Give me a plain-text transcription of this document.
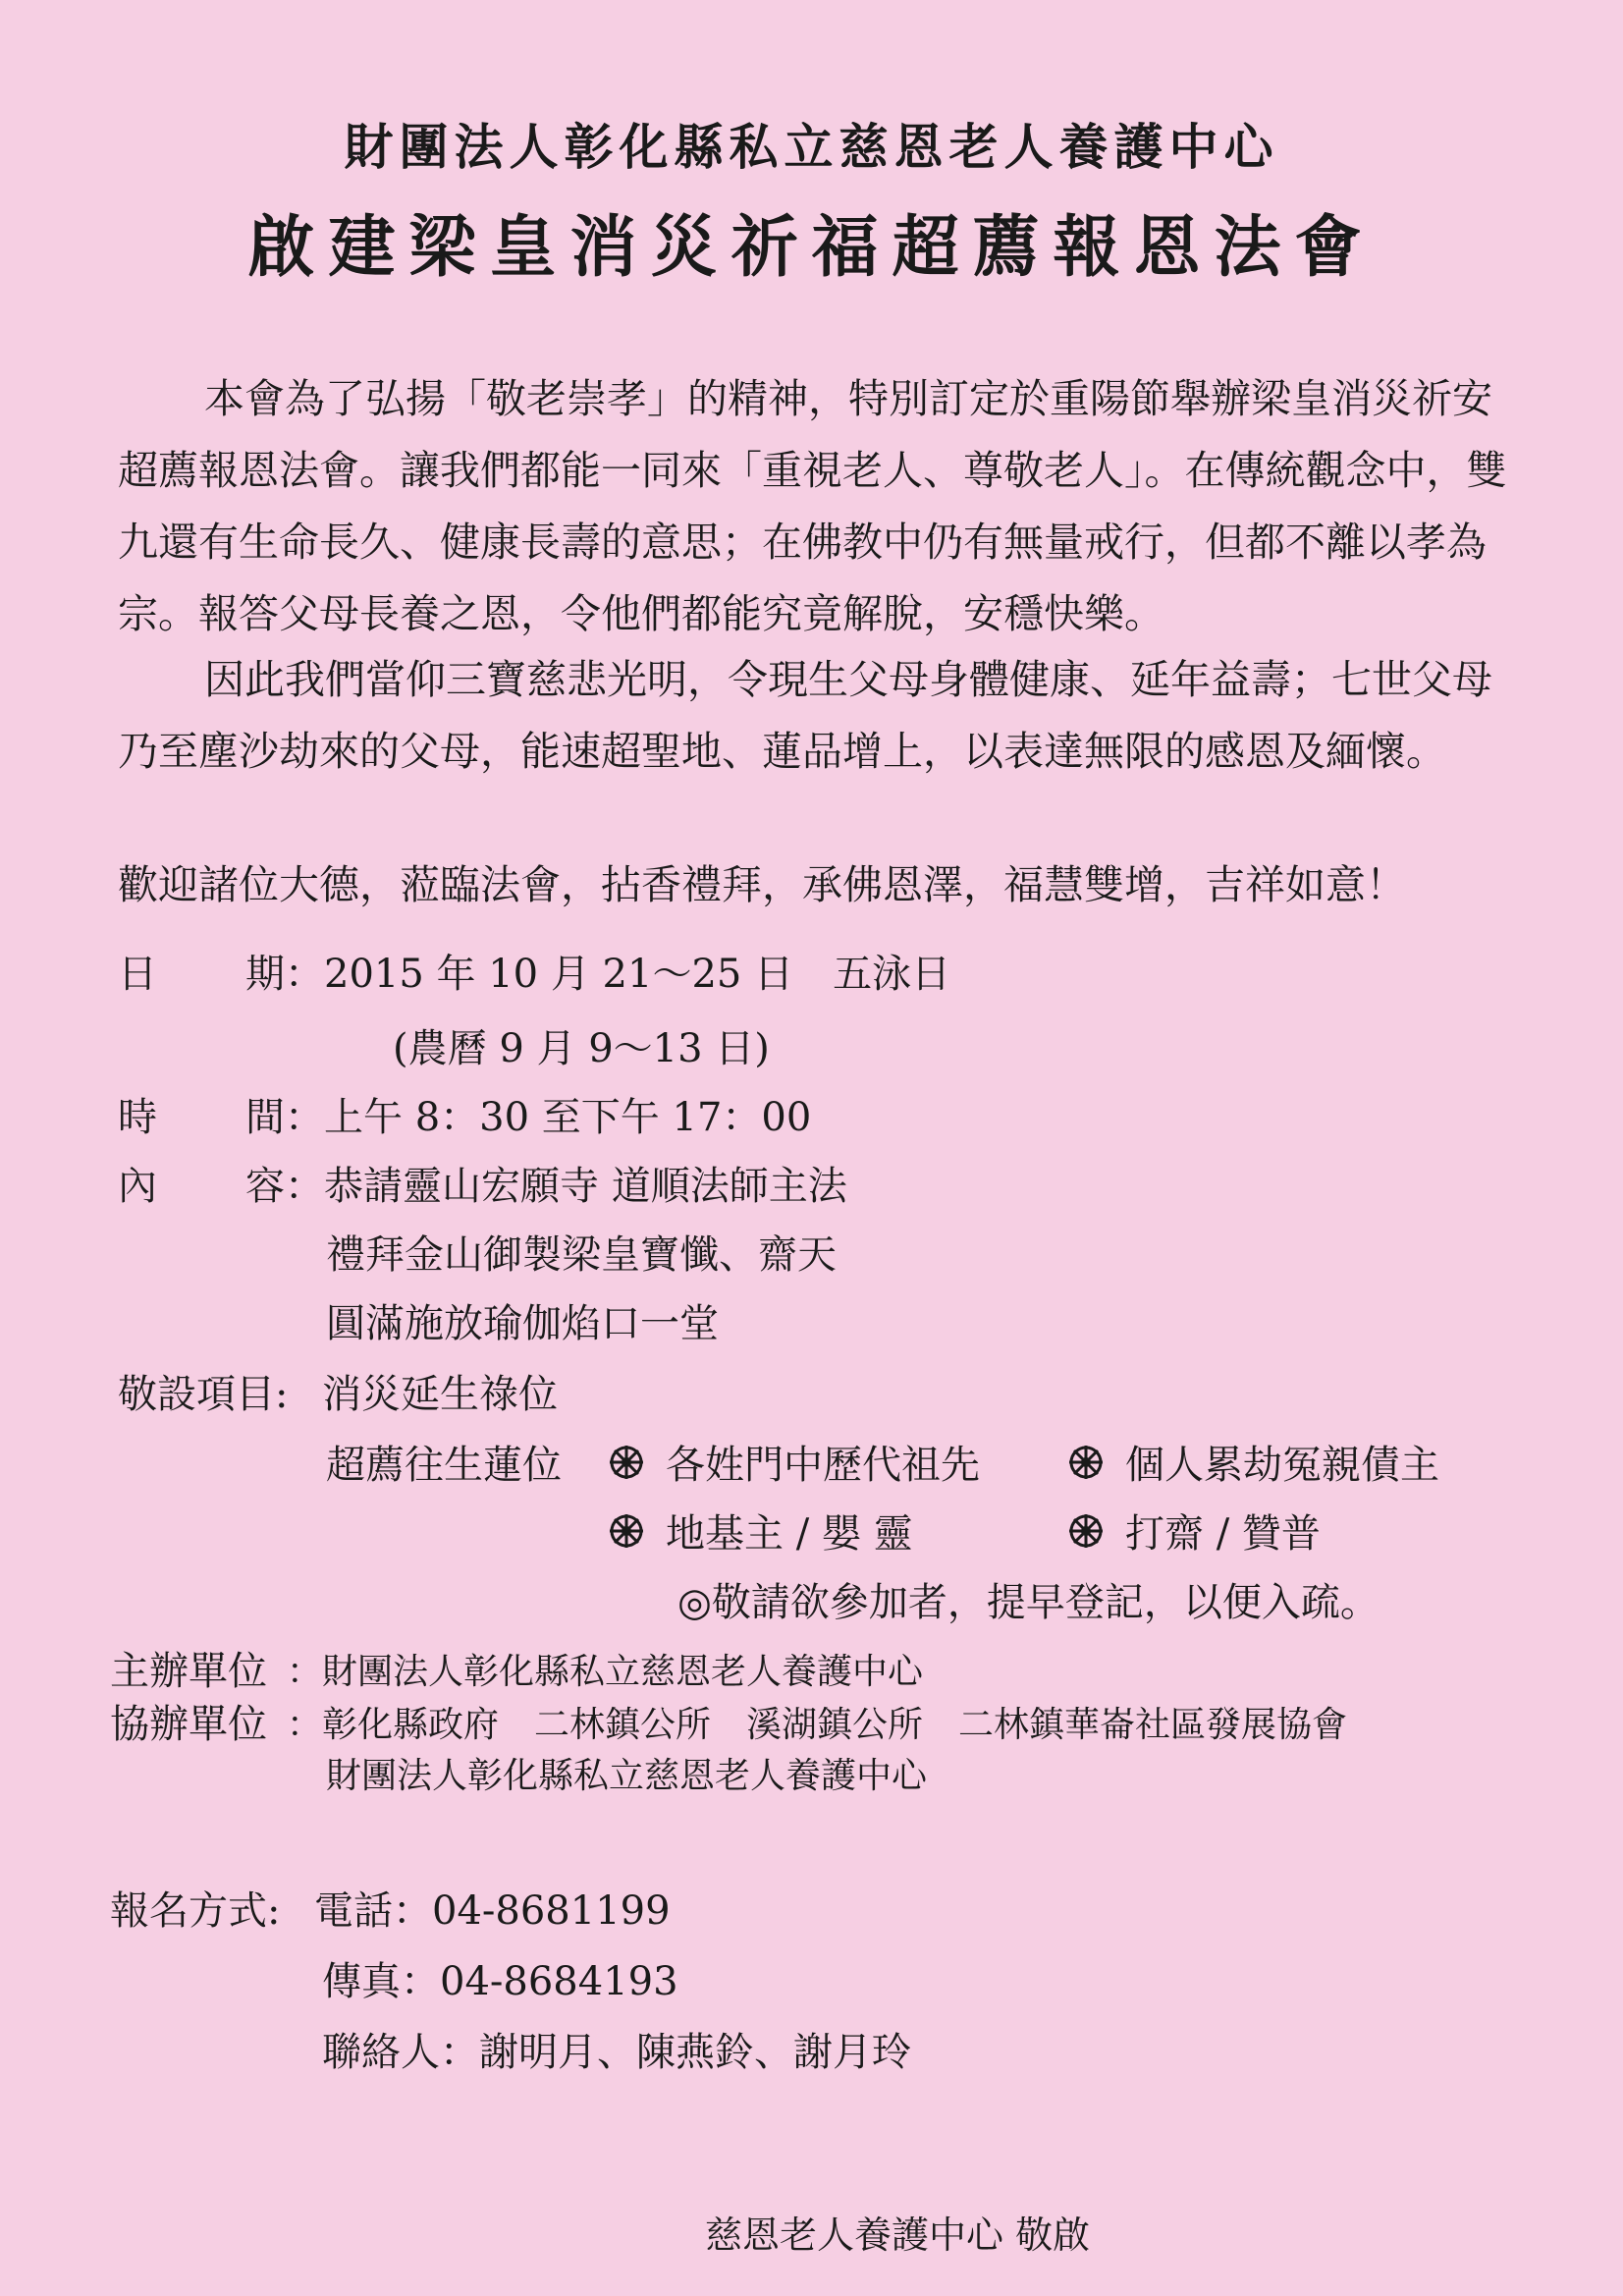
財團法人彰化縣私立慈恩老人養護中心
啟建梁皇消災祈福超薦報恩法會

本會為了弘揚「敬老崇孝」的精神，特別訂定於重陽節舉辦梁皇消災祈安超薦報恩法會。讓我們都能一同來「重視老人、尊敬老人」。在傳統觀念中，雙九還有生命長久、健康長壽的意思；在佛教中仍有無量戒行，但都不離以孝為宗。報答父母長養之恩，令他們都能究竟解脫，安穩快樂。

因此我們當仰三寶慈悲光明，令現生父母身體健康、延年益壽；七世父母乃至塵沙劫來的父母，能速超聖地、蓮品增上，以表達無限的感恩及緬懷。

歡迎諸位大德，蒞臨法會，拈香禮拜，承佛恩澤，福慧雙增，吉祥如意！
日 期 ：2015 年 10 月 21～25 日　五泳日
(農曆 9 月 9～13 日)
時 間 ：上午 8：30 至下午 17：00
內 容 ：恭請靈山宏願寺 道順法師主法
禮拜金山御製梁皇寶懺、齋天
圓滿施放瑜伽焰口一堂
敬設項目: 消災延生祿位
超薦往生蓮位	各姓門中歷代祖先	個人累劫冤親債主
地基主 / 嬰 靈	打齋 / 贊普
◎敬請欲參加者，提早登記，以便入疏。
主辦單位 ：財團法人彰化縣私立慈恩老人養護中心
協辦單位 ：彰化縣政府　二林鎮公所　溪湖鎮公所　二林鎮華崙社區發展協會
財團法人彰化縣私立慈恩老人養護中心
報名方式: 電話：04-8681199
傳真：04-8684193
聯絡人：謝明月、陳燕鈴、謝月玲
慈恩老人養護中心 敬啟
